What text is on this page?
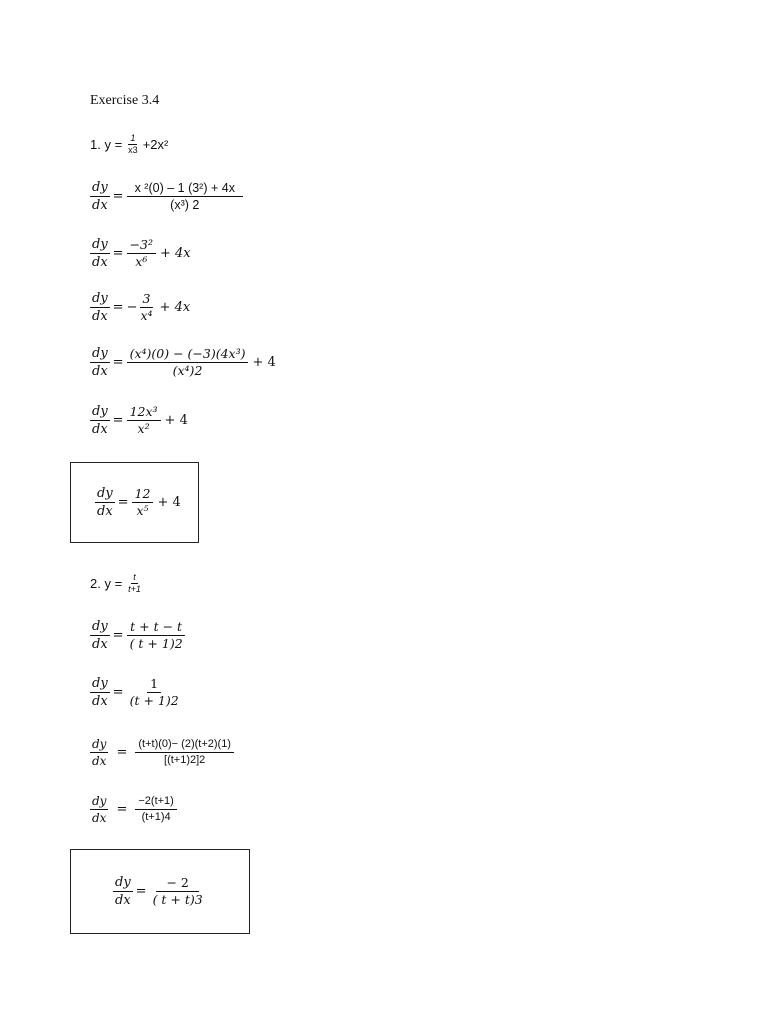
Exercise 3.4
1. $y = \frac{1}{x3} +2x^2$
$\frac{dy}{dx} = \frac{\text{x ²(0) – 1 (3²) + 4x}}{\text{(x³) 2}}$
$\frac{dy}{dx} = \frac{\text{−3²}}{\text{x⁶}} + 4x$
$\frac{dy}{dx}$ = − $\frac{3}{\text{x⁴}} + 4x$
$\frac{dy}{dx} = \frac{\text{(x⁴)(0) − (−3)(4x³)}}{\text{(x⁴)2}} + 4$
$\frac{dy}{dx} = \frac{\text{12x³}}{\text{x²}} + 4$
$\frac{dy}{dx} = \frac{12}{\text{x⁵}} + 4$
2. $y = \frac{t}{t+1}$
$\frac{dy}{dx} = \frac{t + t - t}{( t + 1)2}$
$\frac{dy}{dx} = \frac{1}{(t + 1)2}$
$\frac{dy}{dx} = \frac{(t+t)(0)- (2)(t+2)(1)}{[(t+1)2]2}$
$\frac{dy}{dx} = \frac{-2(t+1)}{(t+1)4}$
$\frac{dy}{dx} = \frac{- 2}{( t + t)3}$
